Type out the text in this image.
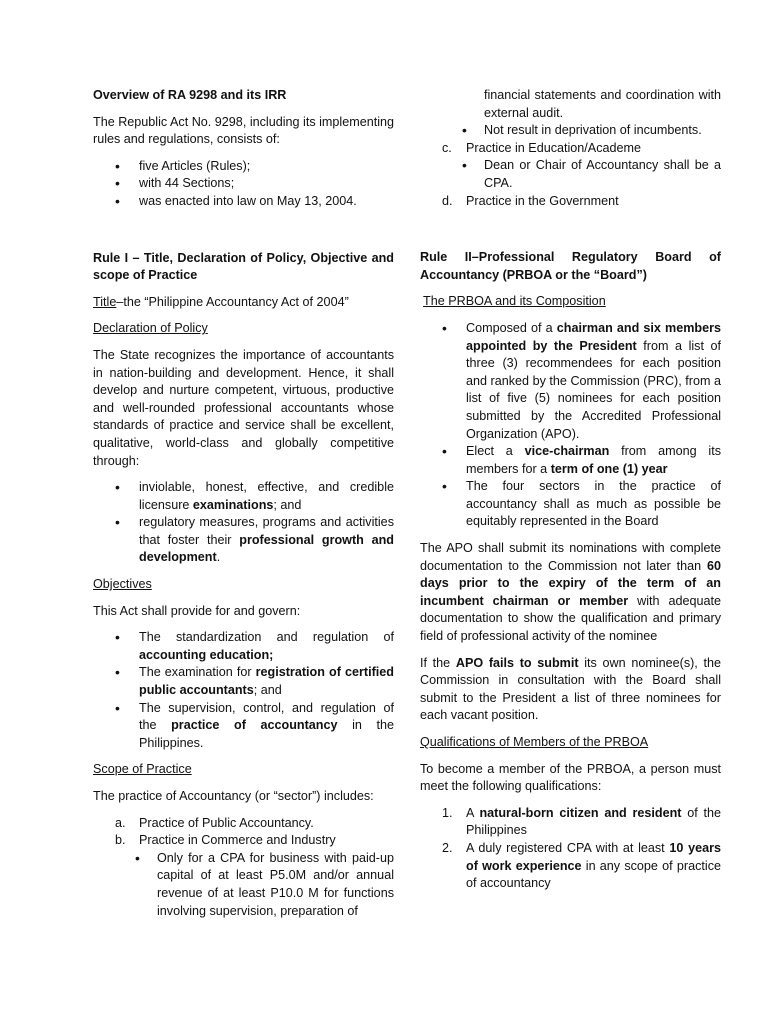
Overview of RA 9298 and its IRR

The Republic Act No. 9298, including its implementing rules and regulations, consists of:

• five Articles (Rules);
• with 44 Sections;
• was enacted into law on May 13, 2004.

Rule I – Title, Declaration of Policy, Objective and scope of Practice

Title–the “Philippine Accountancy Act of 2004”

Declaration of Policy

The State recognizes the importance of accountants in nation-building and development. Hence, it shall develop and nurture competent, virtuous, productive and well-rounded professional accountants whose standards of practice and service shall be excellent, qualitative, world-class and globally competitive through:

• inviolable, honest, effective, and credible licensure examinations; and
• regulatory measures, programs and activities that foster their professional growth and development.

Objectives

This Act shall provide for and govern:

• The standardization and regulation of accounting education;
• The examination for registration of certified public accountants; and
• The supervision, control, and regulation of the practice of accountancy in the Philippines.

Scope of Practice

The practice of Accountancy (or “sector”) includes:

a. Practice of Public Accountancy.
b. Practice in Commerce and Industry
• Only for a CPA for business with paid-up capital of at least P5.0M and/or annual revenue of at least P10.0 M for functions involving supervision, preparation of

financial statements and coordination with external audit.

• Not result in deprivation of incumbents.
c. Practice in Education/Academe
• Dean or Chair of Accountancy shall be a CPA.
d. Practice in the Government

Rule II–Professional Regulatory Board of Accountancy (PRBOA or the “Board”)

The PRBOA and its Composition

• Composed of a chairman and six members appointed by the President from a list of three (3) recommendees for each position and ranked by the Commission (PRC), from a list of five (5) nominees for each position submitted by the Accredited Professional Organization (APO).
• Elect a vice-chairman from among its members for a term of one (1) year
• The four sectors in the practice of accountancy shall as much as possible be equitably represented in the Board

The APO shall submit its nominations with complete documentation to the Commission not later than 60 days prior to the expiry of the term of an incumbent chairman or member with adequate documentation to show the qualification and primary field of professional activity of the nominee

If the APO fails to submit its own nominee(s), the Commission in consultation with the Board shall submit to the President a list of three nominees for each vacant position.

Qualifications of Members of the PRBOA

To become a member of the PRBOA, a person must meet the following qualifications:

1. A natural-born citizen and resident of the Philippines
2. A duly registered CPA with at least 10 years of work experience in any scope of practice of accountancy
